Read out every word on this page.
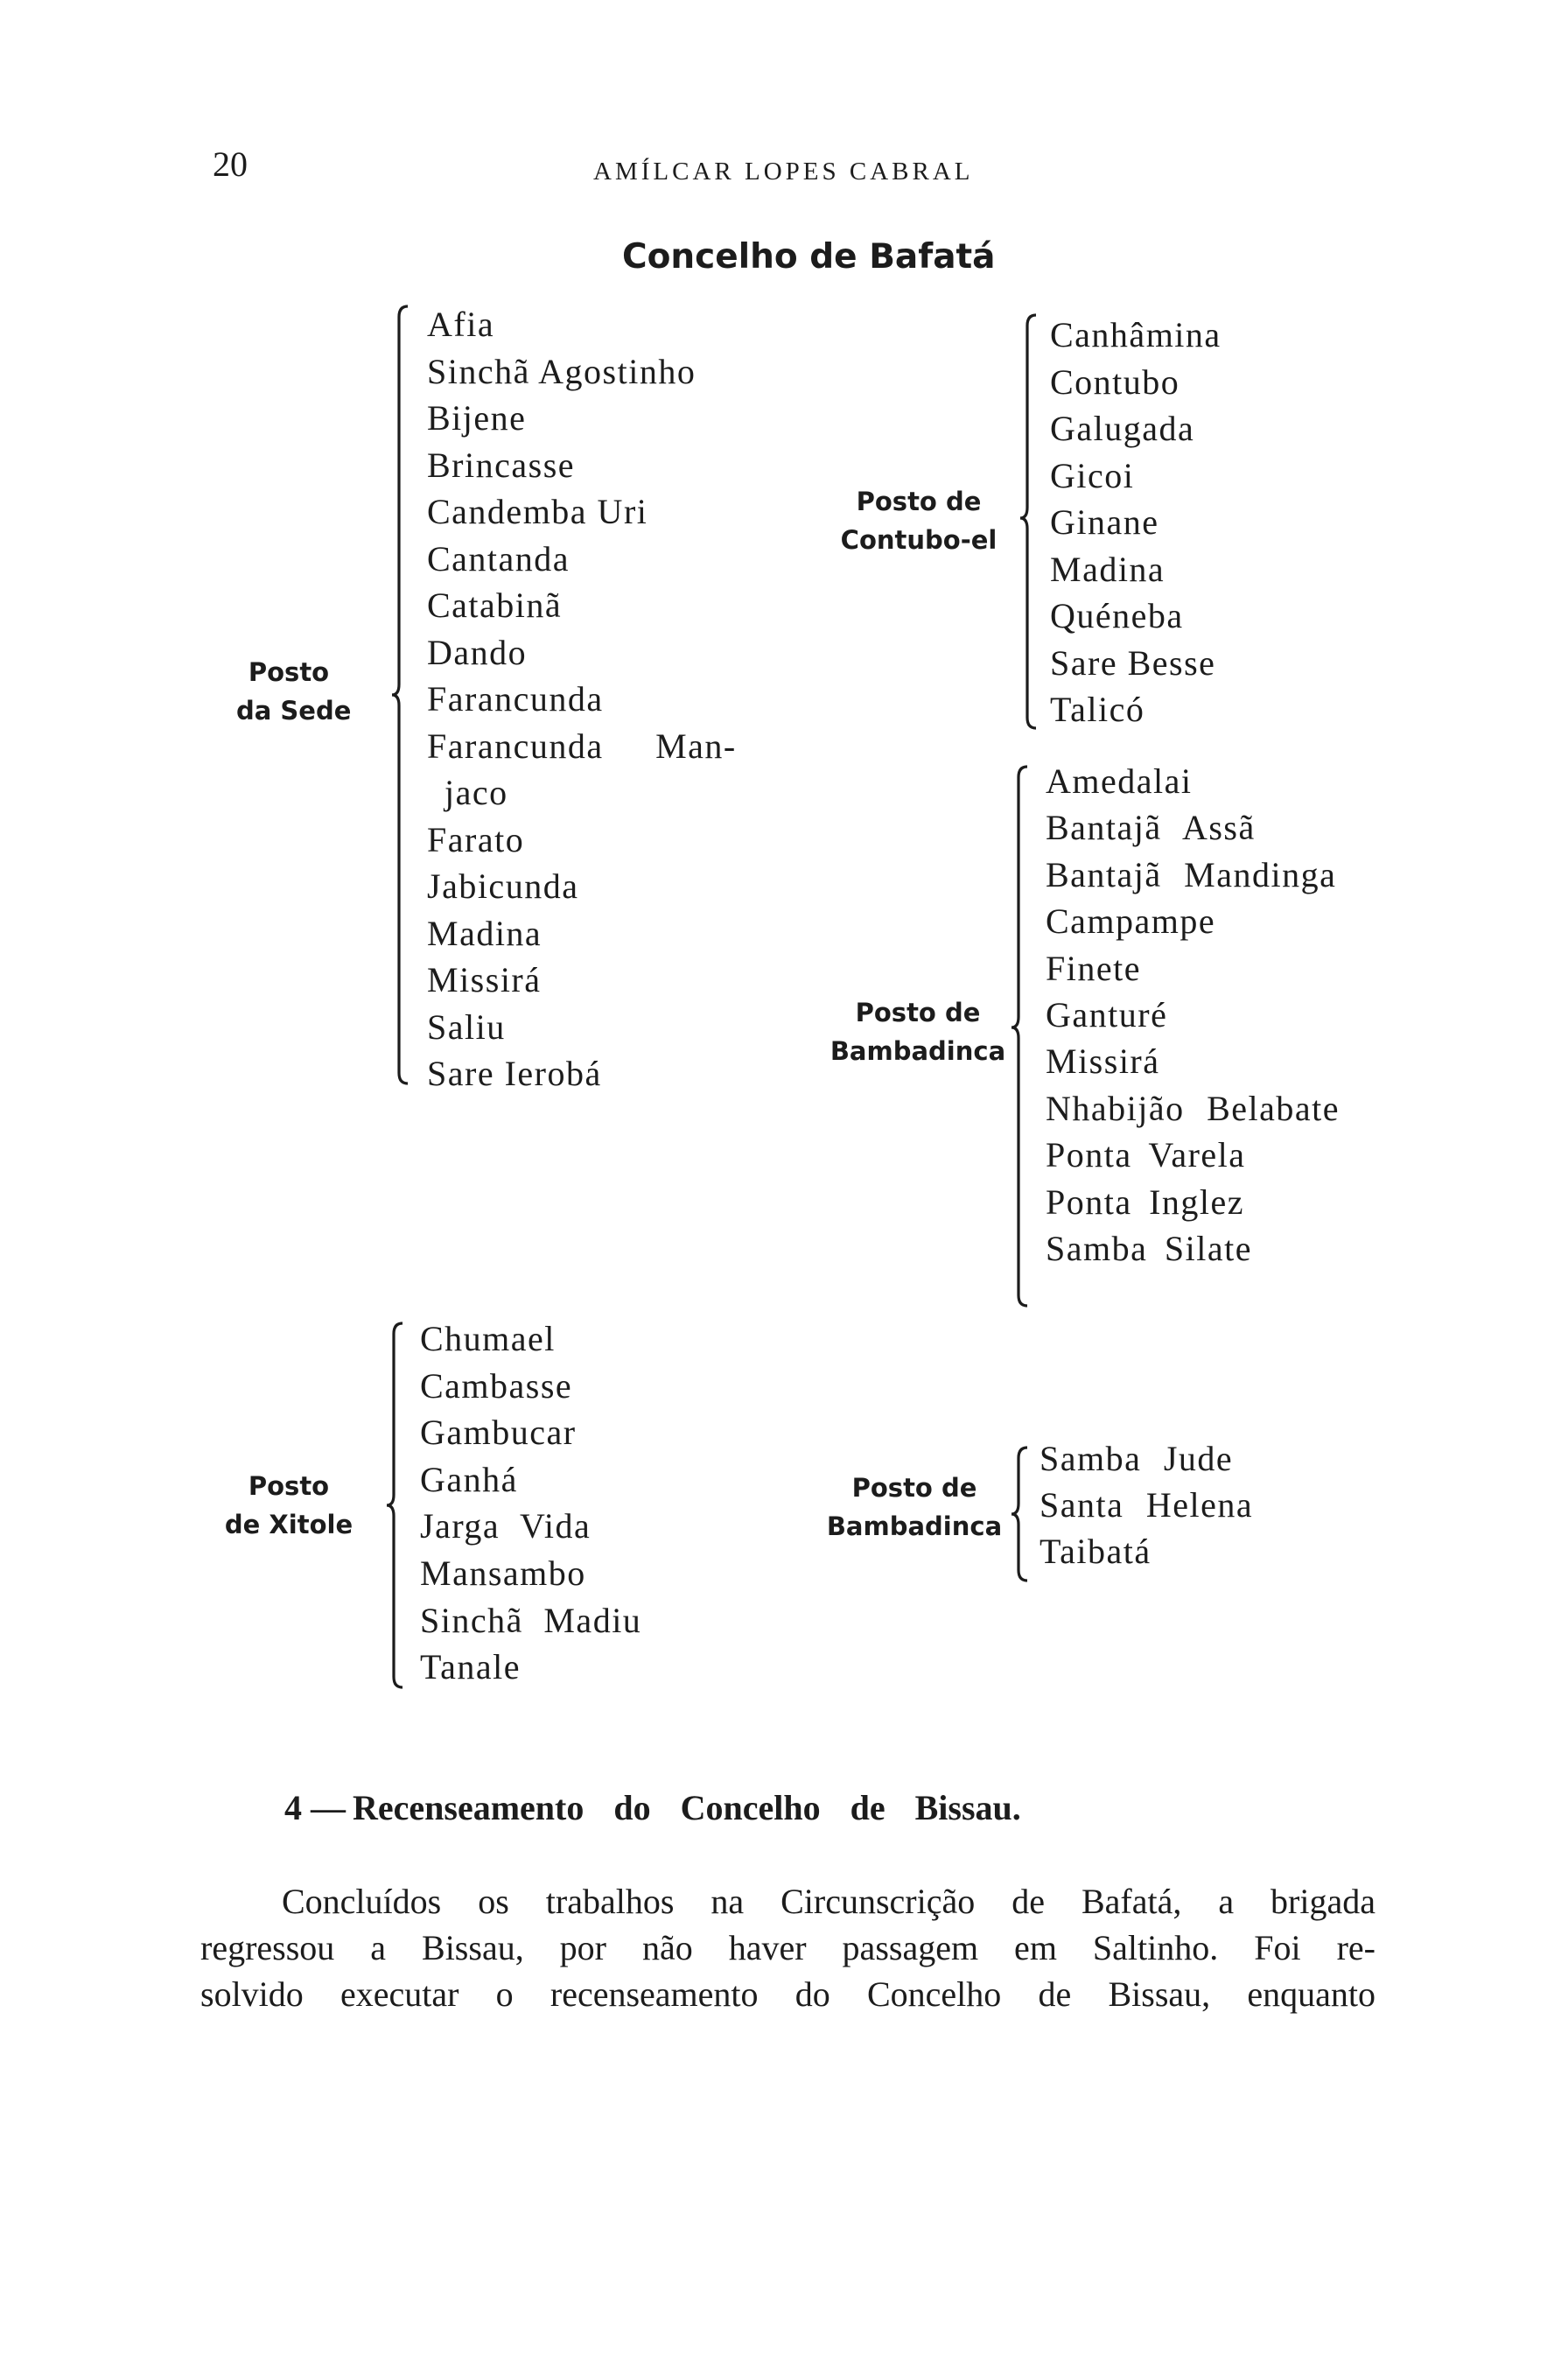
20	AMÍLCAR LOPES CABRAL
Concelho de Bafatá
Posto
da Sede
Afia
Sinchã Agostinho
Bijene
Brincasse
Candemba Uri
Cantanda
Catabinã
Dando
Farancunda
Farancunda Man-
jaco
Farato
Jabicunda
Madina
Missirá
Saliu
Sare Ierobá
Posto de
Contubo-el
Canhâmina
Contubo
Galugada
Gicoi
Ginane
Madina
Quéneba
Sare Besse
Talicó
Posto de
Bambadinca
Amedalai
Bantajã Assã
Bantajã Mandinga
Campampe
Finete
Ganturé
Missirá
Nhabijão Belabate
Ponta Varela
Ponta Inglez
Samba Silate
Posto
de Xitole
Chumael
Cambasse
Gambucar
Ganhá
Jarga Vida
Mansambo
Sinchã Madiu
Tanale
Posto de
Bambadinca
Samba Jude
Santa Helena
Taibatá
4 — Recenseamento do Concelho de Bissau.
Concluídos os trabalhos na Circunscrição de Bafatá, a brigada
regressou a Bissau, por não haver passagem em Saltinho. Foi re-
solvido executar o recenseamento do Concelho de Bissau, enquanto
